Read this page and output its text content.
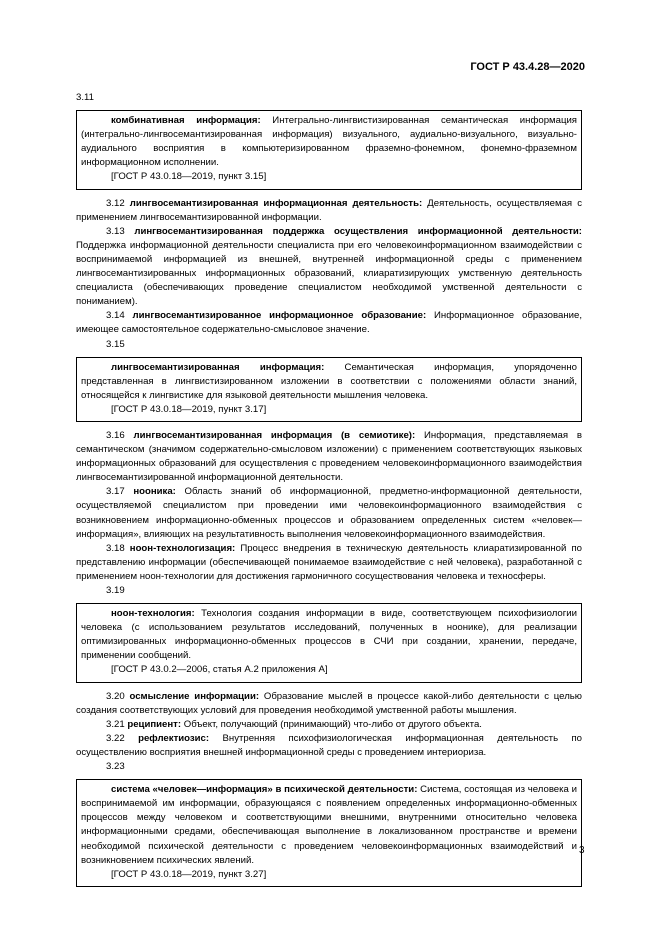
ГОСТ Р 43.4.28—2020

3.11

комбинативная информация: Интегрально-лингвистизированная семантическая информация (интегрально-лингвосемантизированная информация) визуального, аудиально-визуального, визуально-аудиального восприятия в компьютеризированном фраземно-фонемном, фонемно-фраземном информационном исполнении.

[ГОСТ Р 43.0.18—2019, пункт 3.15]

3.12 лингвосемантизированная информационная деятельность: Деятельность, осуществляемая с применением лингвосемантизированной информации.

3.13 лингвосемантизированная поддержка осуществления информационной деятельности: Поддержка информационной деятельности специалиста при его человекоинформационном взаимодействии с воспринимаемой информацией из внешней, внутренней информационной среды с применением лингвосемантизированных информационных образований, клиаратизирующих умственную деятельность специалиста (обеспечивающих проведение специалистом необходимой умственной деятельности с пониманием).

3.14 лингвосемантизированное информационное образование: Информационное образование, имеющее самостоятельное содержательно-смысловое значение.

3.15

лингвосемантизированная информация: Семантическая информация, упорядоченно представленная в лингвистизированном изложении в соответствии с положениями области знаний, относящейся к лингвистике для языковой деятельности мышления человека.

[ГОСТ Р 43.0.18—2019, пункт 3.17]

3.16 лингвосемантизированная информация (в семиотике): Информация, представляемая в семантическом (значимом содержательно-смысловом изложении) с применением соответствующих языковых информационных образований для осуществления с проведением человекоинформационного взаимодействия лингвосемантизированной информационной деятельности.

3.17 нооника: Область знаний об информационной, предметно-информационной деятельности, осуществляемой специалистом при проведении ими человекоинформационного взаимодействия с возникновением информационно-обменных процессов и образованием определенных систем «человек—информация», влияющих на результативность выполнения человекоинформационного взаимодействия.

3.18 ноон-технологизация: Процесс внедрения в техническую деятельность клиаратизированной по представлению информации (обеспечивающей понимаемое взаимодействие с ней человека), разработанной с применением ноон-технологии для достижения гармоничного сосуществования человека и техносферы.

3.19

ноон-технология: Технология создания информации в виде, соответствующем психофизиологии человека (с использованием результатов исследований, полученных в ноонике), для реализации оптимизированных информационно-обменных процессов в СЧИ при создании, хранении, передаче, применении сообщений.

[ГОСТ Р 43.0.2—2006, статья А.2 приложения А]

3.20 осмысление информации: Образование мыслей в процессе какой-либо деятельности с целью создания соответствующих условий для проведения необходимой умственной работы мышления.

3.21 реципиент: Объект, получающий (принимающий) что-либо от другого объекта.

3.22 рефлектиозис: Внутренняя психофизиологическая информационная деятельность по осуществлению восприятия внешней информационной среды с проведением интериориза.

3.23

система «человек—информация» в психической деятельности: Система, состоящая из человека и воспринимаемой им информации, образующаяся с появлением определенных информационно-обменных процессов между человеком и соответствующими внешними, внутренними относительно человека информационными средами, обеспечивающая выполнение в локализованном пространстве и времени необходимой психической деятельности с проведением человекоинформационных взаимодействий и возникновением психических явлений.

[ГОСТ Р 43.0.18—2019, пункт 3.27]

3
